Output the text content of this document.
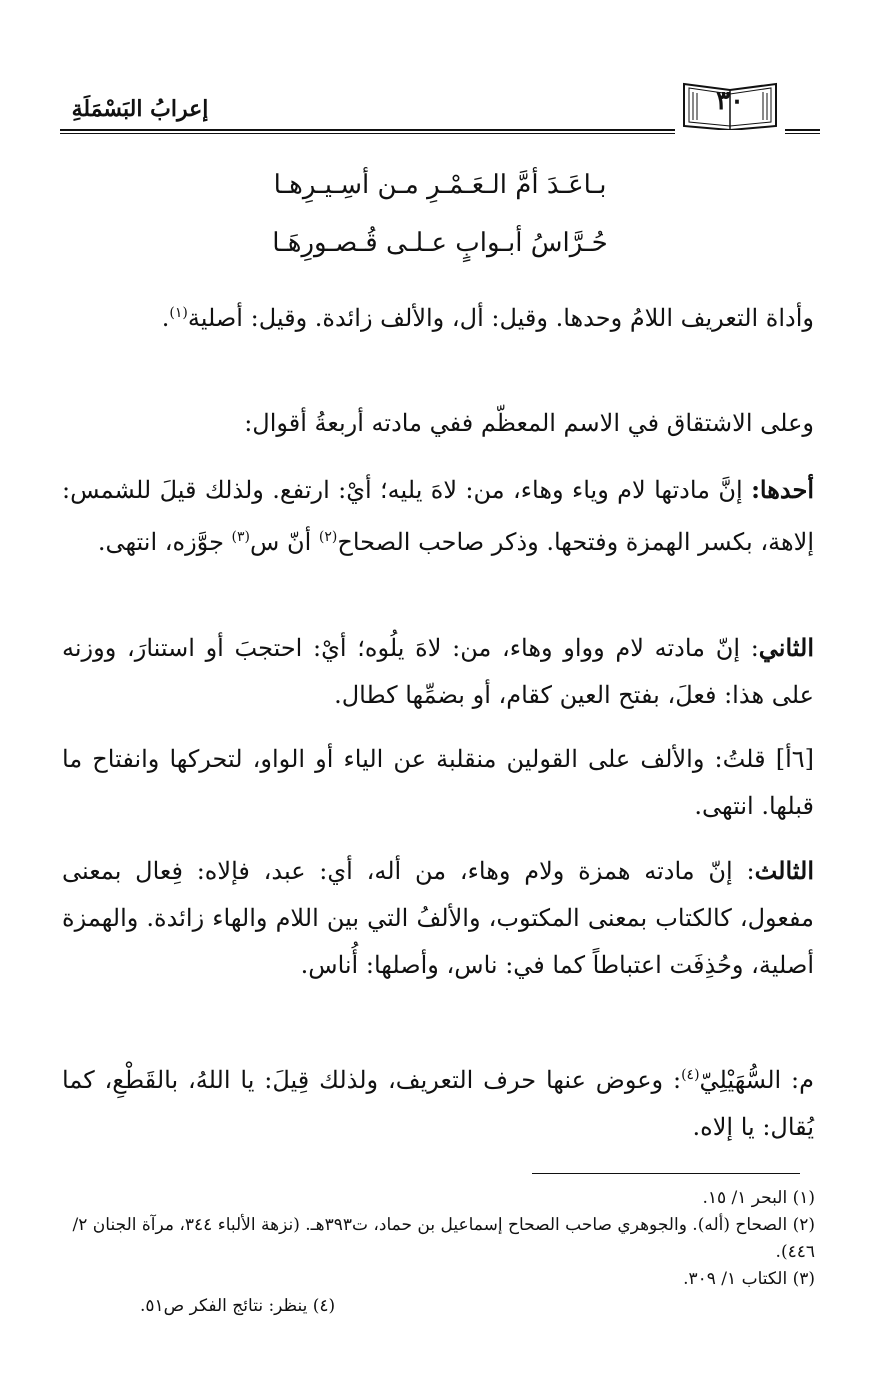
إعرابُ البَسْمَلَةِ	٣٠
بـاعَـدَ أمَّ الـعَـمْـرِ مـن أسِـيـرِهـا
حُـرَّاسُ أبـوابٍ عـلـى قُـصـورِهَـا

وأداة التعريف اللامُ وحدها. وقيل: أل، والألف زائدة. وقيل: أصلية$^{(١)}$.

وعلى الاشتقاق في الاسم المعظّم ففي مادته أربعةُ أقوال:

أحدها: إنَّ مادتها لام وياء وهاء، من: لاهَ يليه؛ أيْ: ارتفع. ولذلك قيلَ للشمس: إلاهة، بكسر الهمزة وفتحها. وذكر صاحب الصحاح$^{(٢)}$ أنّ س$^{(٣)}$ جوَّزه، انتهى.

الثاني: إنّ مادته لام وواو وهاء، من: لاهَ يلُوه؛ أيْ: احتجبَ أو استنارَ، ووزنه على هذا: فعلَ، بفتح العين كقام، أو بضمِّها كطال.

[٦أ] قلتُ: والألف على القولين منقلبة عن الياء أو الواو، لتحركها وانفتاح ما قبلها. انتهى.

الثالث: إنّ مادته همزة ولام وهاء، من أله، أي: عبد، فإلاه: فِعال بمعنى مفعول، كالكتاب بمعنى المكتوب، والألفُ التي بين اللام والهاء زائدة. والهمزة أصلية، وحُذِفَت اعتباطاً كما في: ناس، وأصلها: أُناس.

م: السُّهَيْلِيّ$^{(٤)}$: وعوض عنها حرف التعريف، ولذلك قِيلَ: يا اللهُ، بالقَطْعِ، كما يُقال: يا إلاه.

(١) البحر ١/ ١٥.

(٢) الصحاح (أله). والجوهري صاحب الصحاح إسماعيل بن حماد، ت٣٩٣هـ. (نزهة الألباء ٣٤٤، مرآة الجنان ٢/ ٤٤٦).

(٣) الكتاب ١/ ٣٠٩.

(٤) ينظر: نتائج الفكر ص٥١.
